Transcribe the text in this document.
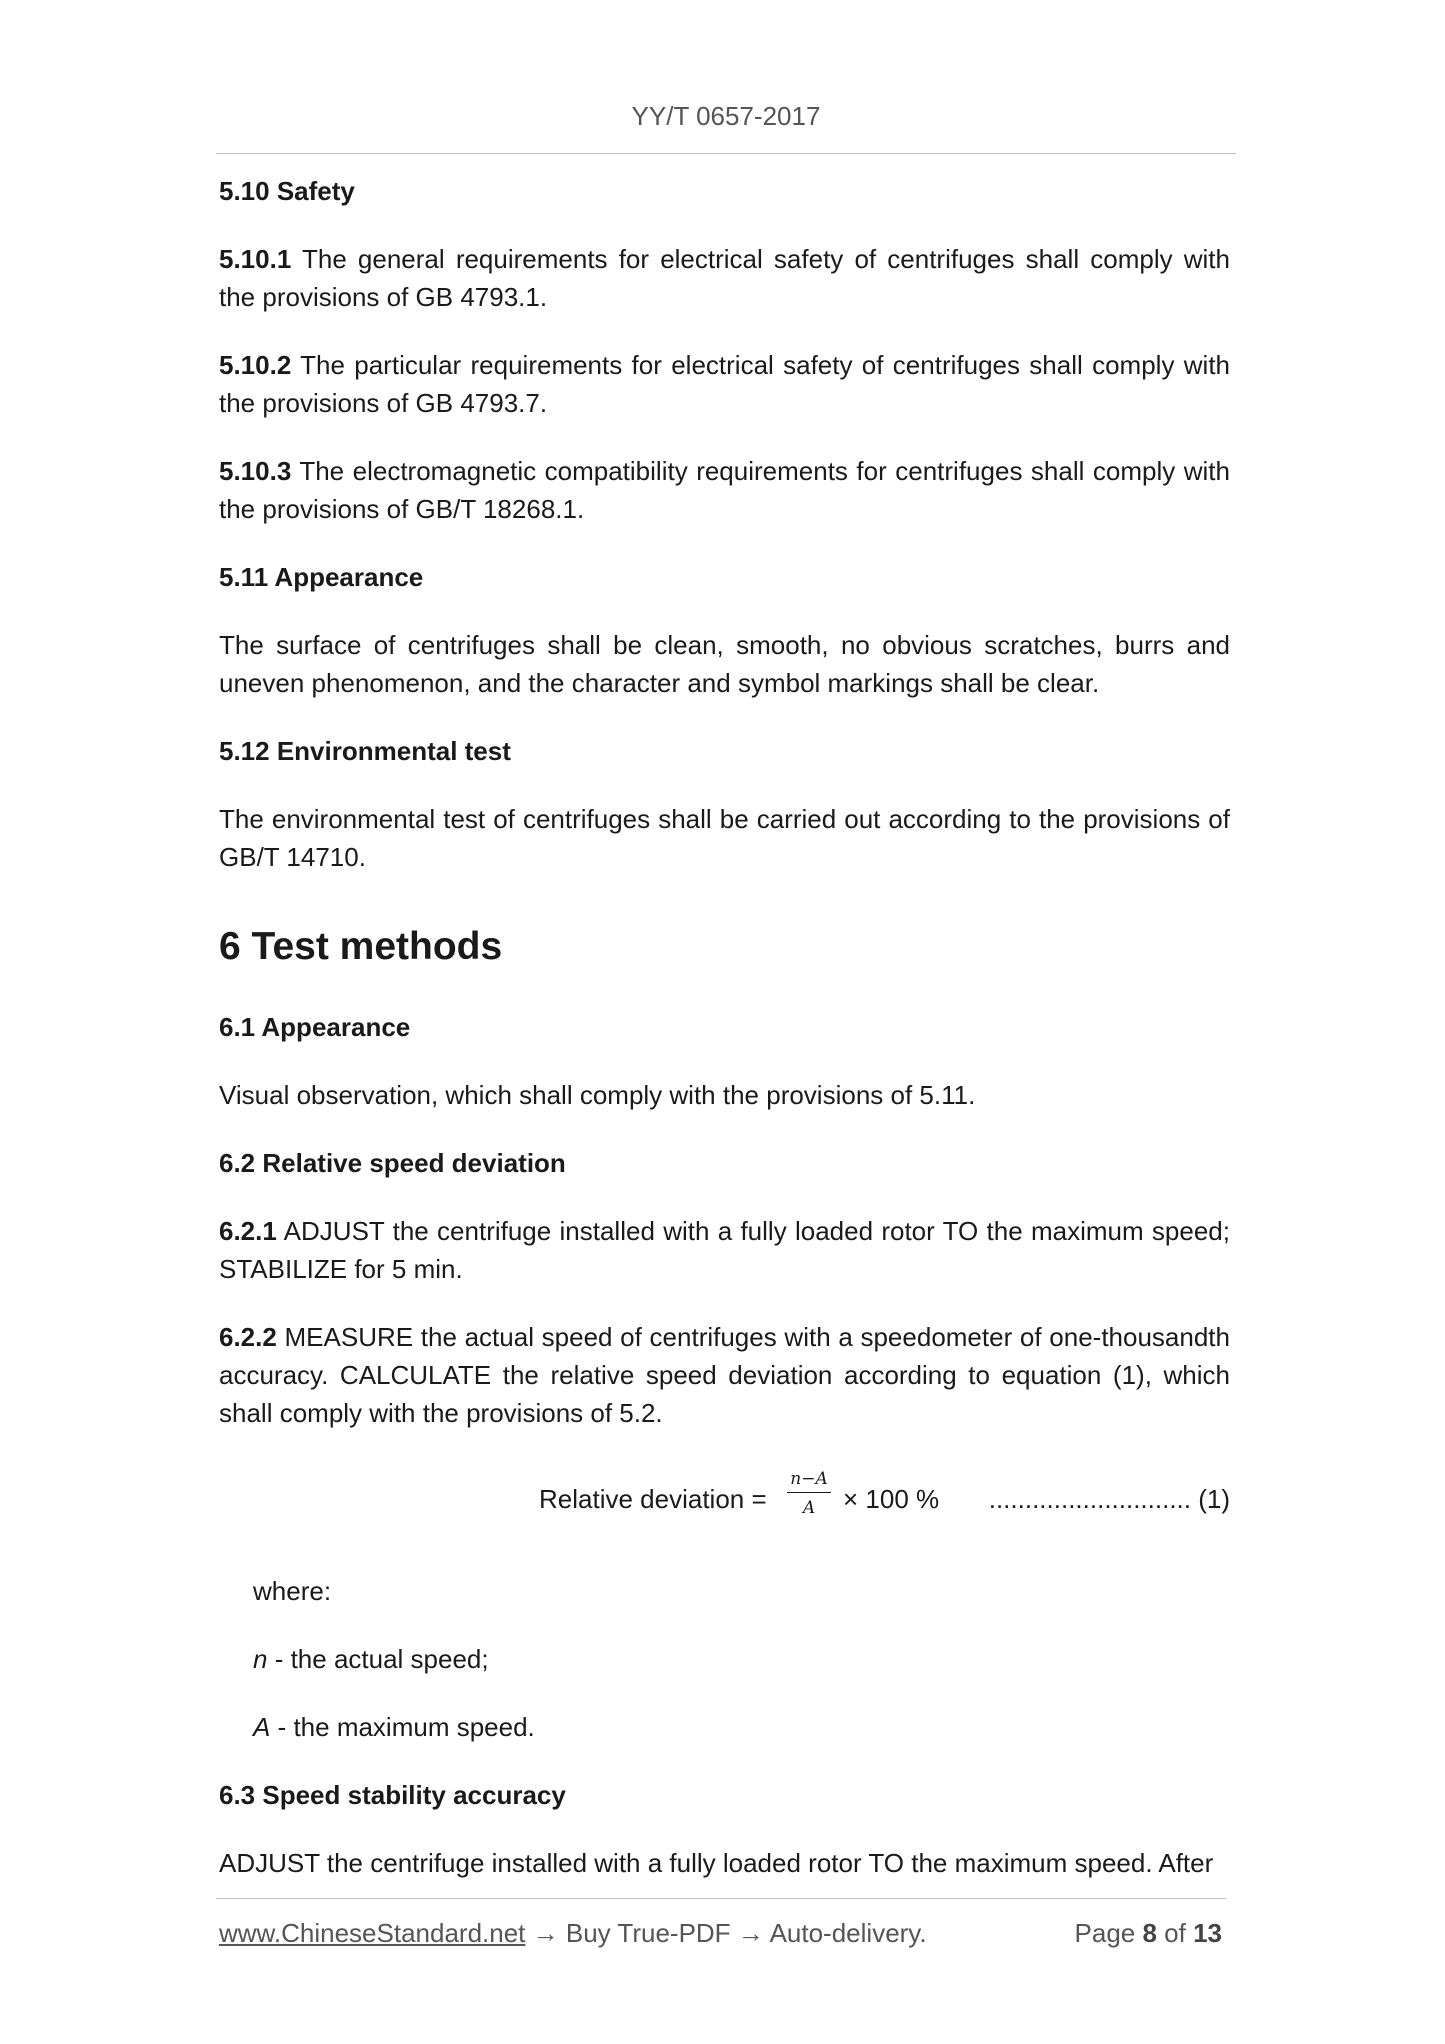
YY/T 0657-2017

5.10 Safety

5.10.1 The general requirements for electrical safety of centrifuges shall comply with the provisions of GB 4793.1.

5.10.2 The particular requirements for electrical safety of centrifuges shall comply with the provisions of GB 4793.7.

5.10.3 The electromagnetic compatibility requirements for centrifuges shall comply with the provisions of GB/T 18268.1.

5.11 Appearance

The surface of centrifuges shall be clean, smooth, no obvious scratches, burrs and uneven phenomenon, and the character and symbol markings shall be clear.

5.12 Environmental test

The environmental test of centrifuges shall be carried out according to the provisions of GB/T 14710.

6 Test methods

6.1 Appearance

Visual observation, which shall comply with the provisions of 5.11.

6.2 Relative speed deviation

6.2.1 ADJUST the centrifuge installed with a fully loaded rotor TO the maximum speed; STABILIZE for 5 min.

6.2.2 MEASURE the actual speed of centrifuges with a speedometer of one-thousandth accuracy. CALCULATE the relative speed deviation according to equation (1), which shall comply with the provisions of 5.2.

Relative deviation = $\frac{n-A}{A} \times 100$ % ............................ (1)

where:

n - the actual speed;

A - the maximum speed.

6.3 Speed stability accuracy

ADJUST the centrifuge installed with a fully loaded rotor TO the maximum speed. After

www.ChineseStandard.net → Buy True-PDF → Auto-delivery.	Page 8 of 13
